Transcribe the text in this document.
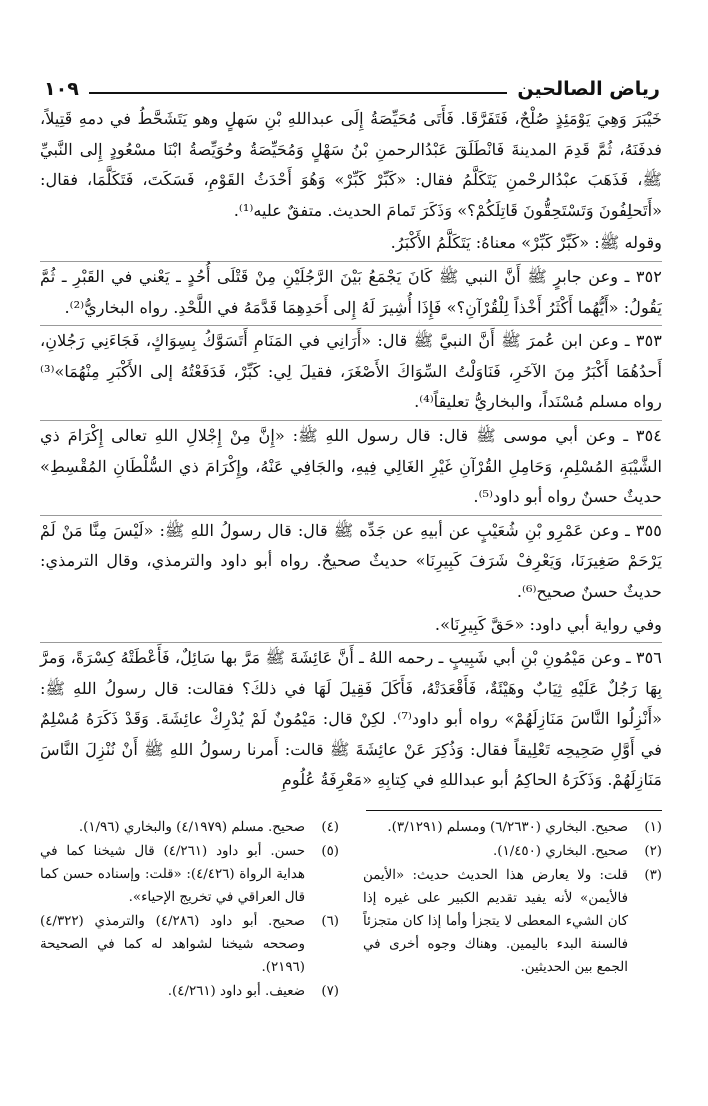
رياض الصالحين
١٠٩

خَيْبَرَ وَهِيَ يَوْمَئِذٍ صُلْحٌ، فَتَفَرَّقَا. فَأَتَى مُحَيِّصَةُ إِلَى عبداللهِ بْنِ سَهلٍ وهو يَتَشَحَّطُ في دمهِ قَتِيلاً، فدفَنَهُ، ثُمَّ قَدِمَ المدينةَ فَانْطَلَقَ عَبْدُالرحمنِ بْنُ سَهْلٍ وَمُحَيِّصَةُ وحُوَيِّصةُ ابْنَا مسْعُودٍ إِلى النَّبيِّ ﷺ، فَذَهَبَ عبْدُالرحْمنِ يَتَكَلَّمُ فقال: «كَبِّرْ كَبِّرْ» وَهُوَ أَحْدَثُ القَوْمِ، فَسَكَتَ، فَتَكَلَّمَا، فقال: «أَتَحلِفُونَ وَتَسْتَحِقُّونَ قَاتِلَكُمْ؟» وَذَكَرَ تَمامَ الحديث. متفقٌ عليه⁽¹⁾.

وقوله ﷺ: «كَبِّرْ كَبِّرْ» معناهُ: يَتَكَلَّمُ الأَكْبَرُ.

٣٥٢ ـ وعن جابرٍ ﷺ أَنَّ النبي ﷺ كَانَ يَجْمَعُ بَيْنَ الرَّجُلَيْنِ مِنْ قَتْلَى أُحُدٍ ـ يَعْني في القَبْرِ ـ ثُمَّ يَقُولُ: «أَيُّهُما أَكْثَرُ أَخْذاً لِلْقُرْآنِ؟» فَإِذَا أُشِيرَ لَهُ إِلى أَحَدِهِمَا قَدَّمَهُ في اللَّحْدِ. رواه البخاريُّ⁽²⁾.

٣٥٣ ـ وعن ابن عُمرَ ﷺ أَنَّ النبيَّ ﷺ قال: «أَرَانِي في المَنَامِ أَتَسَوَّكُ بِسِوَاكٍ، فَجَاءَنِي رَجُلانِ، أَحدُهُمَا أَكْبَرُ مِنَ الآخَرِ، فَنَاوَلْتُ السِّوَاكَ الأَصْغَرَ، فقيلَ لِي: كَبِّرْ، فَدَفَعْتُهُ إلى الأَكْبَرِ مِنْهُمَا»⁽³⁾ رواه مسلم مُسْنَداً، والبخاريُّ تعليقاً⁽⁴⁾.

٣٥٤ ـ وعن أبي موسى ﷺ قال: قال رسول اللهِ ﷺ: «إِنَّ مِنْ إِجْلالِ اللهِ تعالى إِكْرَامَ ذي الشَّيْبَةِ المُسْلِمِ، وَحَامِلِ القُرْآنِ غَيْرِ الغَالِي فِيهِ، والجَافِي عَنْهُ، وإِكْرَامَ ذي السُّلْطَانِ المُقْسِطِ» حديثٌ حسنٌ رواه أبو داود⁽⁵⁾.

٣٥٥ ـ وعن عَمْرِو بْنِ شُعَيْبٍ عن أبيهِ عن جَدِّه ﷺ قال: قال رسولُ اللهِ ﷺ: «لَيْسَ مِنَّا مَنْ لَمْ يَرْحَمْ صَغِيرَنَا، وَيَعْرِفْ شَرَفَ كَبِيرِنَا» حديثٌ صحيحٌ. رواه أبو داود والترمذي، وقال الترمذي: حديثٌ حسنٌ صحيح⁽⁶⁾.

وفي رواية أبي داود: «حَقَّ كَبِيرِنَا».

٣٥٦ ـ وعن مَيْمُونِ بْنِ أبي شَبِيبٍ ـ رحمه اللهُ ـ أَنَّ عَائِشَةَ ﷺ مَرَّ بها سَائِلٌ، فَأَعْطَتْهُ كِسْرَةً، وَمرَّ بِهَا رَجُلٌ عَلَيْهِ ثِيَابٌ وهَيْئَةٌ، فَأَقْعَدَتْهُ، فَأَكَلَ فَقِيلَ لَهَا في ذلكَ؟ فقالت: قال رسولُ اللهِ ﷺ: «أَنْزِلُوا النَّاسَ مَنَازِلَهُمْ» رواه أبو داود⁽⁷⁾. لكِنْ قال: مَيْمُونٌ لَمْ يُدْرِكْ عائِشَةَ. وَقَدْ ذَكَرَهُ مُسْلِمٌ في أَوَّلِ صَحِيحِه تَعْلِيقاً فقال: وَذُكِرَ عَنْ عائِشَةَ ﷺ قالت: أَمرنا رسولُ اللهِ ﷺ أَنْ نُنْزِلَ النَّاسَ مَنَازِلَهُمْ. وَذَكَرَهُ الحاكِمُ أبو عبداللهِ في كِتابِهِ «مَعْرِفَةُ عُلُومِ

(١)
صحيح. البخاري (٦/٢٦٣٠) ومسلم (٣/١٢٩١).
(٢)
صحيح. البخاري (١/٤٥٠).
(٣)
قلت: ولا يعارض هذا الحديث حديث: «الأيمن فالأيمن» لأنه يفيد تقديم الكبير على غيره إذا كان الشيء المعطى لا يتجزأ وأما إذا كان متجزئاً فالسنة البدء باليمين. وهناك وجوه أخرى في الجمع بين الحديثين.
(٤)
صحيح. مسلم (٤/١٩٧٩) والبخاري (١/٩٦).
(٥)
حسن. أبو داود (٤/٢٦١) قال شيخنا كما في هداية الرواة (٤/٤٢٦): «قلت: وإسناده حسن كما قال العراقي في تخريج الإحياء».
(٦)
صحيح. أبو داود (٤/٢٨٦) والترمذي (٤/٣٢٢) وصححه شيخنا لشواهد له كما في الصحيحة (٢١٩٦).
(٧)
ضعيف. أبو داود (٤/٢٦١).
